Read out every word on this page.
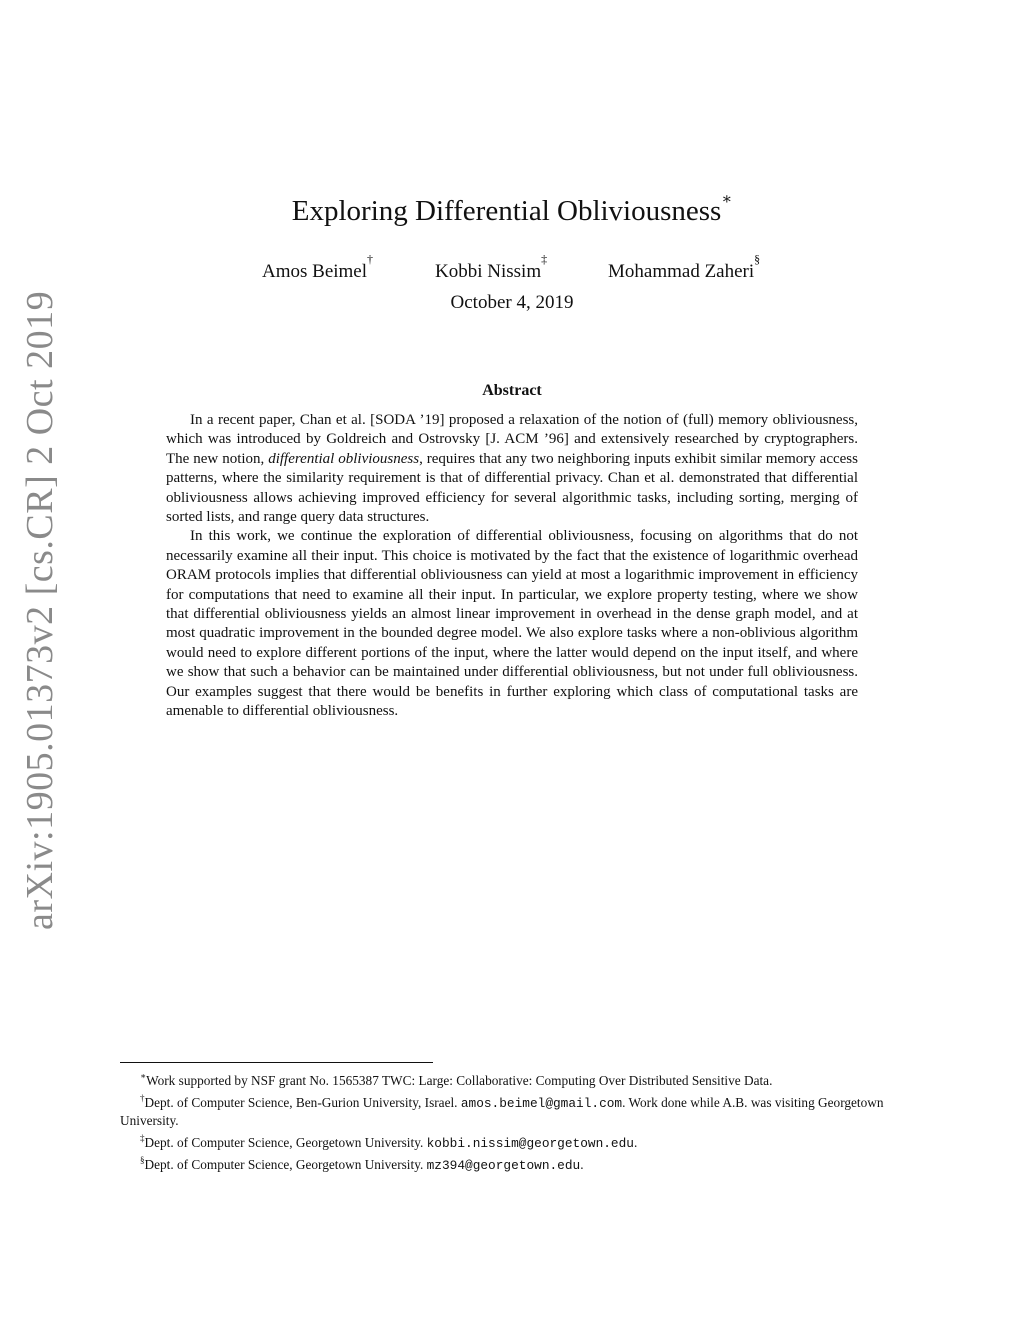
arXiv:1905.01373v2 [cs.CR] 2 Oct 2019
Exploring Differential Obliviousness∗
Amos Beimel†
Kobbi Nissim‡
Mohammad Zaheri§
October 4, 2019
Abstract

In a recent paper, Chan et al. [SODA ’19] proposed a relaxation of the notion of (full) memory obliviousness, which was introduced by Goldreich and Ostrovsky [J. ACM ’96] and extensively researched by cryptographers. The new notion, differential obliviousness, requires that any two neighboring inputs exhibit similar memory access patterns, where the similarity requirement is that of differential privacy. Chan et al. demonstrated that differential obliviousness allows achieving improved efficiency for several algorithmic tasks, including sorting, merging of sorted lists, and range query data structures.

In this work, we continue the exploration of differential obliviousness, focusing on algorithms that do not necessarily examine all their input. This choice is motivated by the fact that the existence of logarithmic overhead ORAM protocols implies that differential obliviousness can yield at most a logarithmic improvement in efficiency for computations that need to examine all their input. In particular, we explore property testing, where we show that differential obliviousness yields an almost linear improvement in overhead in the dense graph model, and at most quadratic improvement in the bounded degree model. We also explore tasks where a non-oblivious algorithm would need to explore different portions of the input, where the latter would depend on the input itself, and where we show that such a behavior can be maintained under differential obliviousness, but not under full obliviousness. Our examples suggest that there would be benefits in further exploring which class of computational tasks are amenable to differential obliviousness.

∗Work supported by NSF grant No. 1565387 TWC: Large: Collaborative: Computing Over Distributed Sensitive Data.

†Dept. of Computer Science, Ben-Gurion University, Israel. amos.beimel@gmail.com. Work done while A.B. was visiting Georgetown University.

‡Dept. of Computer Science, Georgetown University. kobbi.nissim@georgetown.edu.

§Dept. of Computer Science, Georgetown University. mz394@georgetown.edu.
